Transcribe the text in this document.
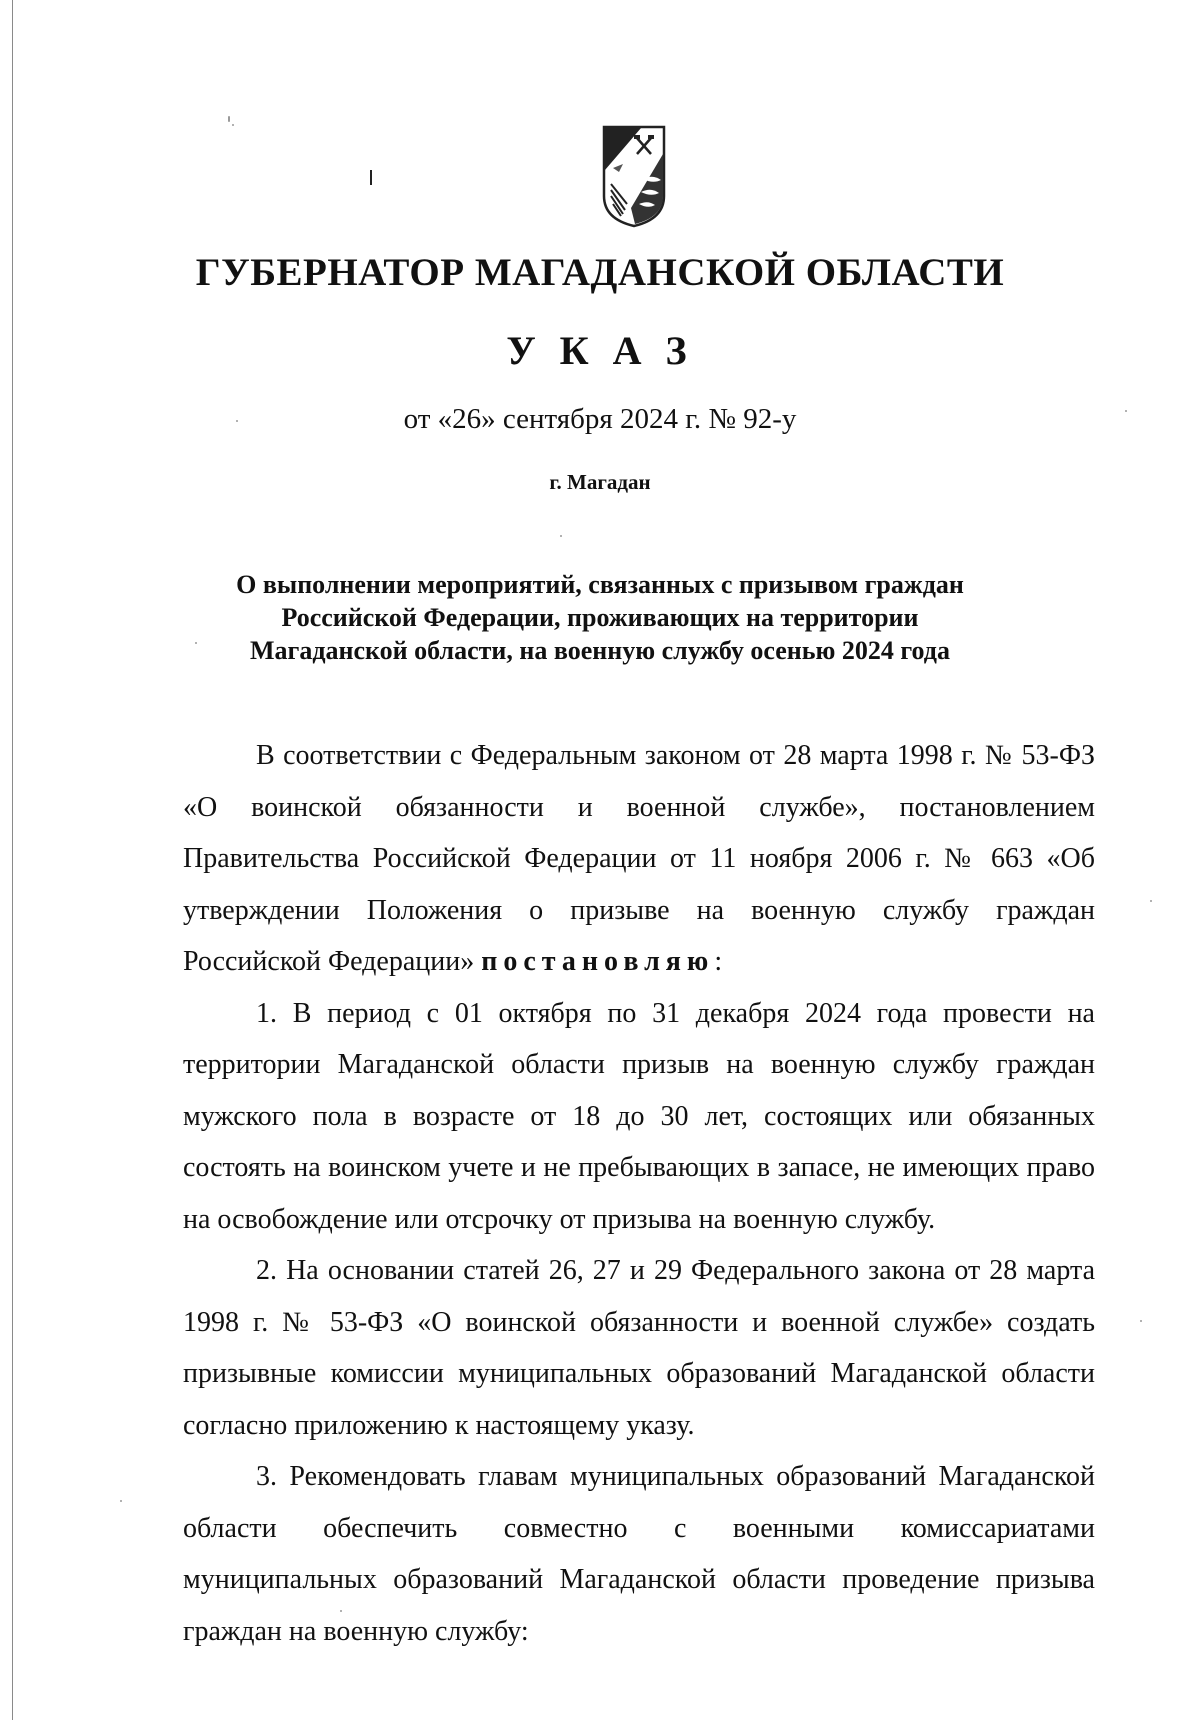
ГУБЕРНАТОР МАГАДАНСКОЙ ОБЛАСТИ
У К А З
от «26» сентября 2024 г. № 92-у
г. Магадан
О выполнении мероприятий, связанных с призывом граждан
Российской Федерации, проживающих на территории
Магаданской области, на военную службу осенью 2024 года

В соответствии с Федеральным законом от 28 марта 1998 г. № 53-ФЗ «О воинской обязанности и военной службе», постановлением Правительства Российской Федерации от 11 ноября 2006 г. № 663 «Об утверждении Положения о призыве на военную службу граждан Российской Федерации» постановляю:

1. В период с 01 октября по 31 декабря 2024 года провести на территории Магаданской области призыв на военную службу граждан мужского пола в возрасте от 18 до 30 лет, состоящих или обязанных состоять на воинском учете и не пребывающих в запасе, не имеющих право на освобождение или отсрочку от призыва на военную службу.

2. На основании статей 26, 27 и 29 Федерального закона от 28 марта 1998 г. № 53-ФЗ «О воинской обязанности и военной службе» создать призывные комиссии муниципальных образований Магаданской области согласно приложению к настоящему указу.

3. Рекомендовать главам муниципальных образований Магаданской области обеспечить совместно с военными комиссариатами муниципальных образований Магаданской области проведение призыва граждан на военную службу:
